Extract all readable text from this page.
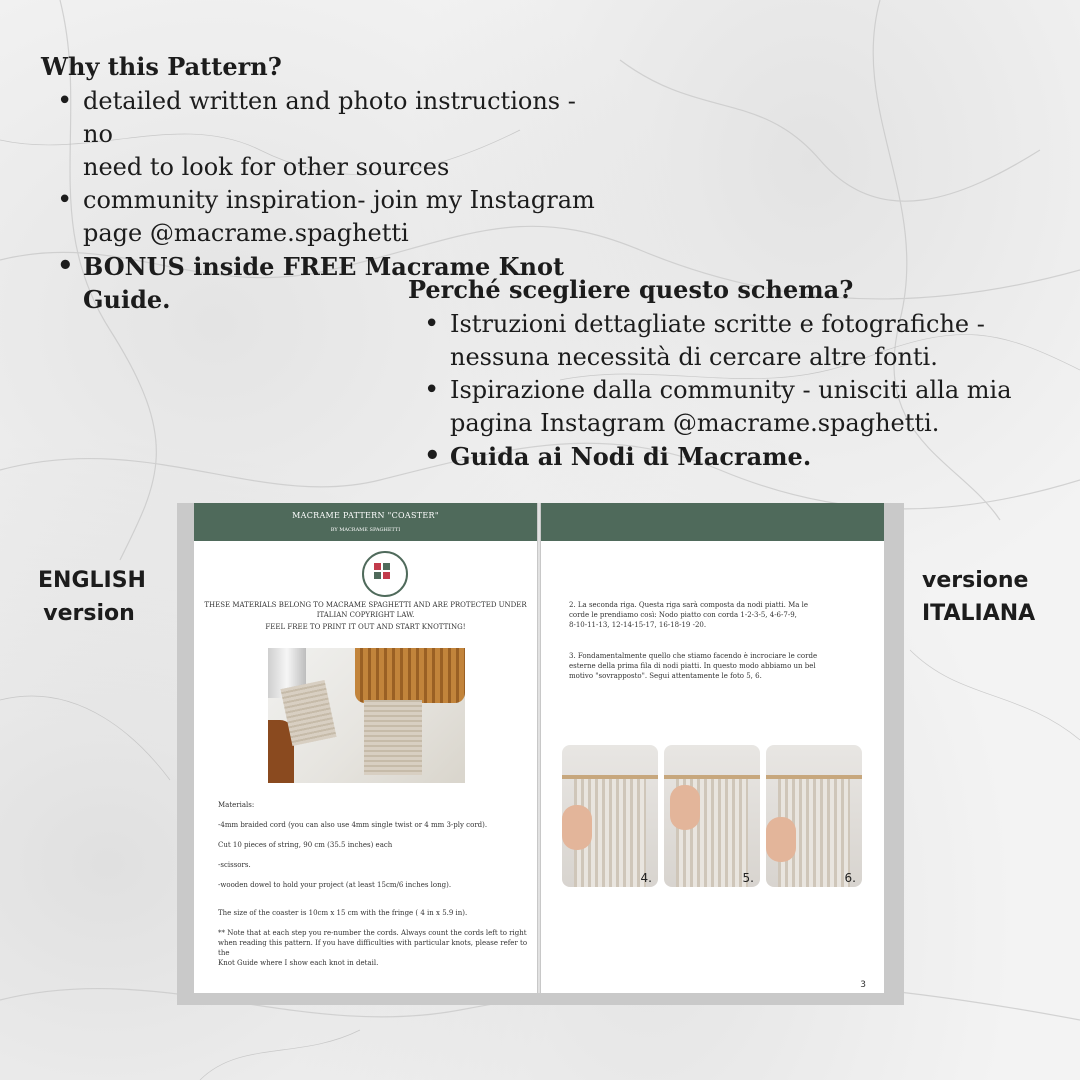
Why this Pattern?
• detailed written and photo instructions - no
need to look for other sources
• community inspiration- join my Instagram
page @macrame.spaghetti
• BONUS inside FREE Macrame Knot Guide.	Perché scegliere questo schema?
• Istruzioni dettagliate scritte e fotografiche -
nessuna necessità di cercare altre fonti.
• Ispirazione dalla community - unisciti alla mia
pagina Instagram @macrame.spaghetti.
• Guida ai Nodi di Macrame.
ENGLISH
version
versione
ITALIANA
MACRAME PATTERN "COASTER"
BY MACRAME SPAGHETTI
THESE MATERIALS BELONG TO MACRAME SPAGHETTI AND ARE PROTECTED UNDER
ITALIAN COPYRIGHT LAW.
FEEL FREE TO PRINT IT OUT AND START KNOTTING!
Materials:
-4mm braided cord (you can also use 4mm single twist or 4 mm 3-ply cord).
Cut 10 pieces of string, 90 cm (35.5 inches) each
-scissors.
-wooden dowel to hold your project (at least 15cm/6 inches long).
The size of the coaster is 10cm x 15 cm with the fringe ( 4 in x 5.9 in).
** Note that at each step you re-number the cords. Always count the cords left to right
when reading this pattern. If you have difficulties with particular knots, please refer to the
Knot Guide where I show each knot in detail.
2. La seconda riga. Questa riga sarà composta da nodi piatti. Ma le
corde le prendiamo così: Nodo piatto con corda 1-2-3-5, 4-6-7-9,
8-10-11-13, 12-14-15-17, 16-18-19 -20.
3. Fondamentalmente quello che stiamo facendo è incrociare le corde
esterne della prima fila di nodi piatti. In questo modo abbiamo un bel
motivo "sovrapposto". Segui attentamente le foto 5, 6.
4.	5.	6.
3
